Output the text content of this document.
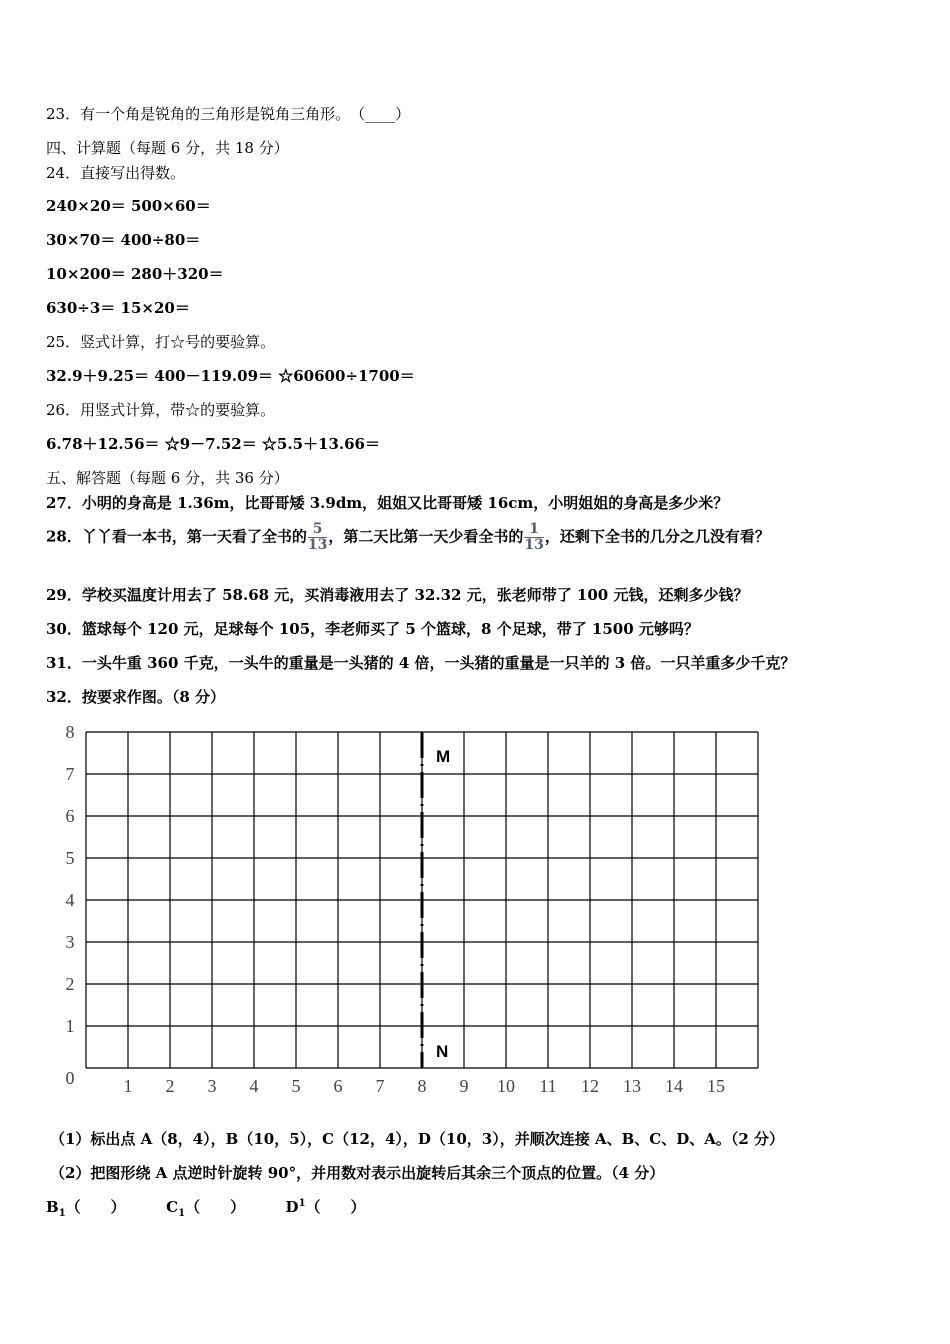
23．有一个角是锐角的三角形是锐角三角形。　（____）
四、计算题（每题 6 分，共 18 分）
24．直接写出得数。
240×20＝ 500×60＝
30×70＝ 400÷80＝
10×200＝ 280＋320＝
630÷3＝ 15×20＝
25．竖式计算，打☆号的要验算。
32.9＋9.25＝ 400－119.09＝ ☆60600÷1700＝
26．用竖式计算，带☆的要验算。
6.78＋12.56＝ ☆9－7.52＝ ☆5.5＋13.66＝
五、解答题（每题 6 分，共 36 分）
27．小明的身高是 1.36m，比哥哥矮 3.9dm，姐姐又比哥哥矮 16cm，小明姐姐的身高是多少米？
28．丫丫看一本书，第一天看了全书的 $\frac{5}{13}$ ，第二天比第一天少看全书的 $\frac{1}{13}$ ，还剩下全书的几分之几没有看？
29．学校买温度计用去了 58.68 元，买消毒液用去了 32.32 元，张老师带了 100 元钱，还剩多少钱？
30．篮球每个 120 元，足球每个 105，李老师买了 5 个篮球，8 个足球，带了 1500 元够吗？
31．一头牛重 360 千克，一头牛的重量是一头猪的 4 倍，一头猪的重量是一只羊的 3 倍。一只羊重多少千克？
32．按要求作图。（8 分）
1 2 3 4 5 6 7 8 9 10 11 12 13 14 15
0
1
2
3
4
5
6
7
8
M
N
（1）标出点 A（8，4），B（10，5），C（12，4），D（10，3），并顺次连接 A、B、C、D、A。（2 分）
（2）把图形绕 A 点逆时针旋转 90°，并用数对表示出旋转后其余三个顶点的位置。（4 分）
$B_1$（　　）	$C_1$（　　）	$D^1$（　　）
